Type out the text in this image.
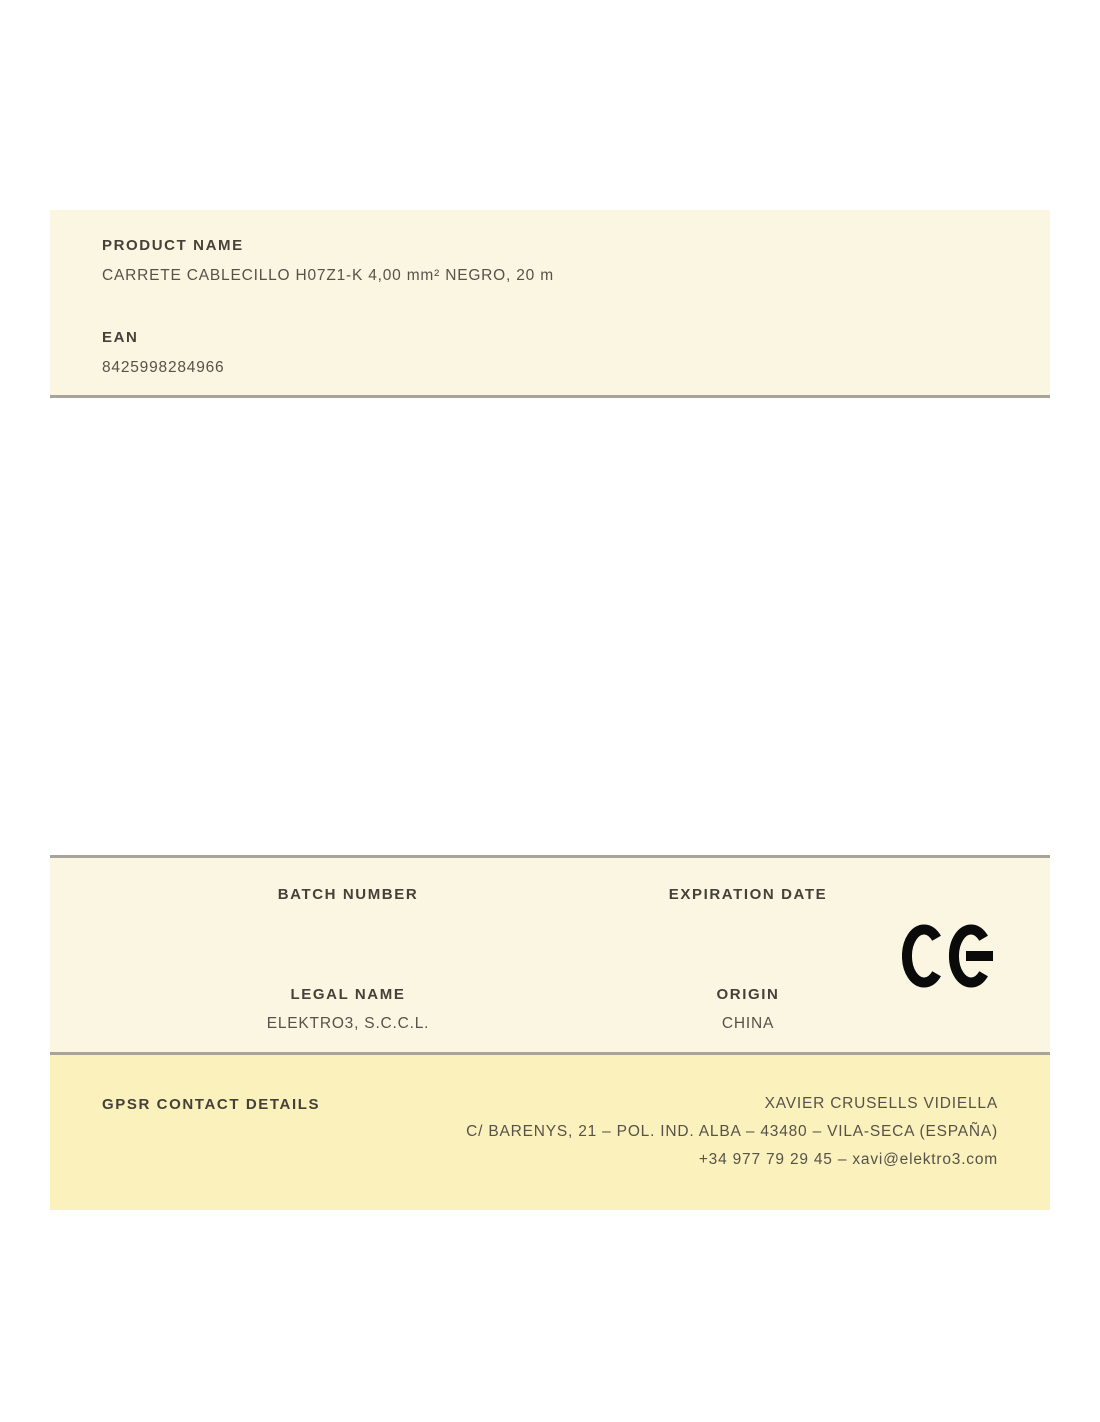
PRODUCT NAME
CARRETE CABLECILLO H07Z1-K 4,00 mm² NEGRO, 20 m
EAN
8425998284966
BATCH NUMBER	EXPIRATION DATE
LEGAL NAME
ELEKTRO3, S.C.C.L.
ORIGIN
CHINA
GPSR CONTACT DETAILS	XAVIER CRUSELLS VIDIELLA
C/ BARENYS, 21 – POL. IND. ALBA – 43480 – VILA-SECA (ESPAÑA)
+34 977 79 29 45 – xavi@elektro3.com
